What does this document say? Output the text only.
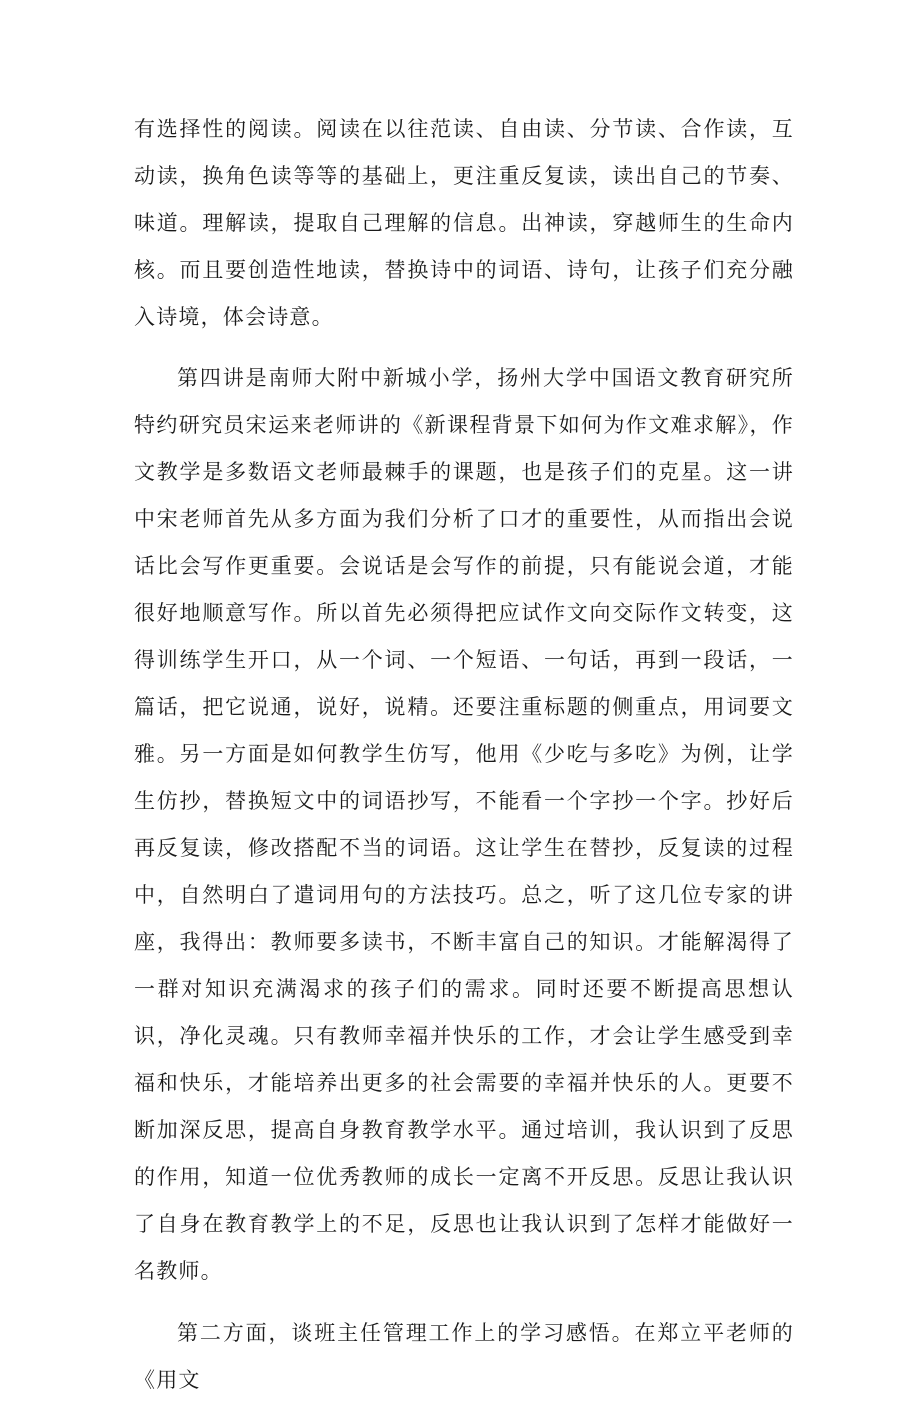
有选择性的阅读。阅读在以往范读、自由读、分节读、合作读，互动读，换角色读等等的基础上，更注重反复读，读出自己的节奏、味道。理解读，提取自己理解的信息。出神读，穿越师生的生命内核。而且要创造性地读，替换诗中的词语、诗句，让孩子们充分融入诗境，体会诗意。

第四讲是南师大附中新城小学，扬州大学中国语文教育研究所特约研究员宋运来老师讲的《新课程背景下如何为作文难求解》，作文教学是多数语文老师最棘手的课题，也是孩子们的克星。这一讲中宋老师首先从多方面为我们分析了口才的重要性，从而指出会说话比会写作更重要。会说话是会写作的前提，只有能说会道，才能很好地顺意写作。所以首先必须得把应试作文向交际作文转变，这得训练学生开口，从一个词、一个短语、一句话，再到一段话，一篇话，把它说通，说好，说精。还要注重标题的侧重点，用词要文雅。另一方面是如何教学生仿写，他用《少吃与多吃》为例，让学生仿抄，替换短文中的词语抄写，不能看一个字抄一个字。抄好后再反复读，修改搭配不当的词语。这让学生在替抄，反复读的过程中，自然明白了遣词用句的方法技巧。总之，听了这几位专家的讲座，我得出：教师要多读书，不断丰富自己的知识。才能解渴得了一群对知识充满渴求的孩子们的需求。同时还要不断提高思想认识，净化灵魂。只有教师幸福并快乐的工作，才会让学生感受到幸福和快乐，才能培养出更多的社会需要的幸福并快乐的人。更要不断加深反思，提高自身教育教学水平。通过培训，我认识到了反思的作用，知道一位优秀教师的成长一定离不开反思。反思让我认识了自身在教育教学上的不足，反思也让我认识到了怎样才能做好一名教师。

第二方面，谈班主任管理工作上的学习感悟。在郑立平老师的《用文
